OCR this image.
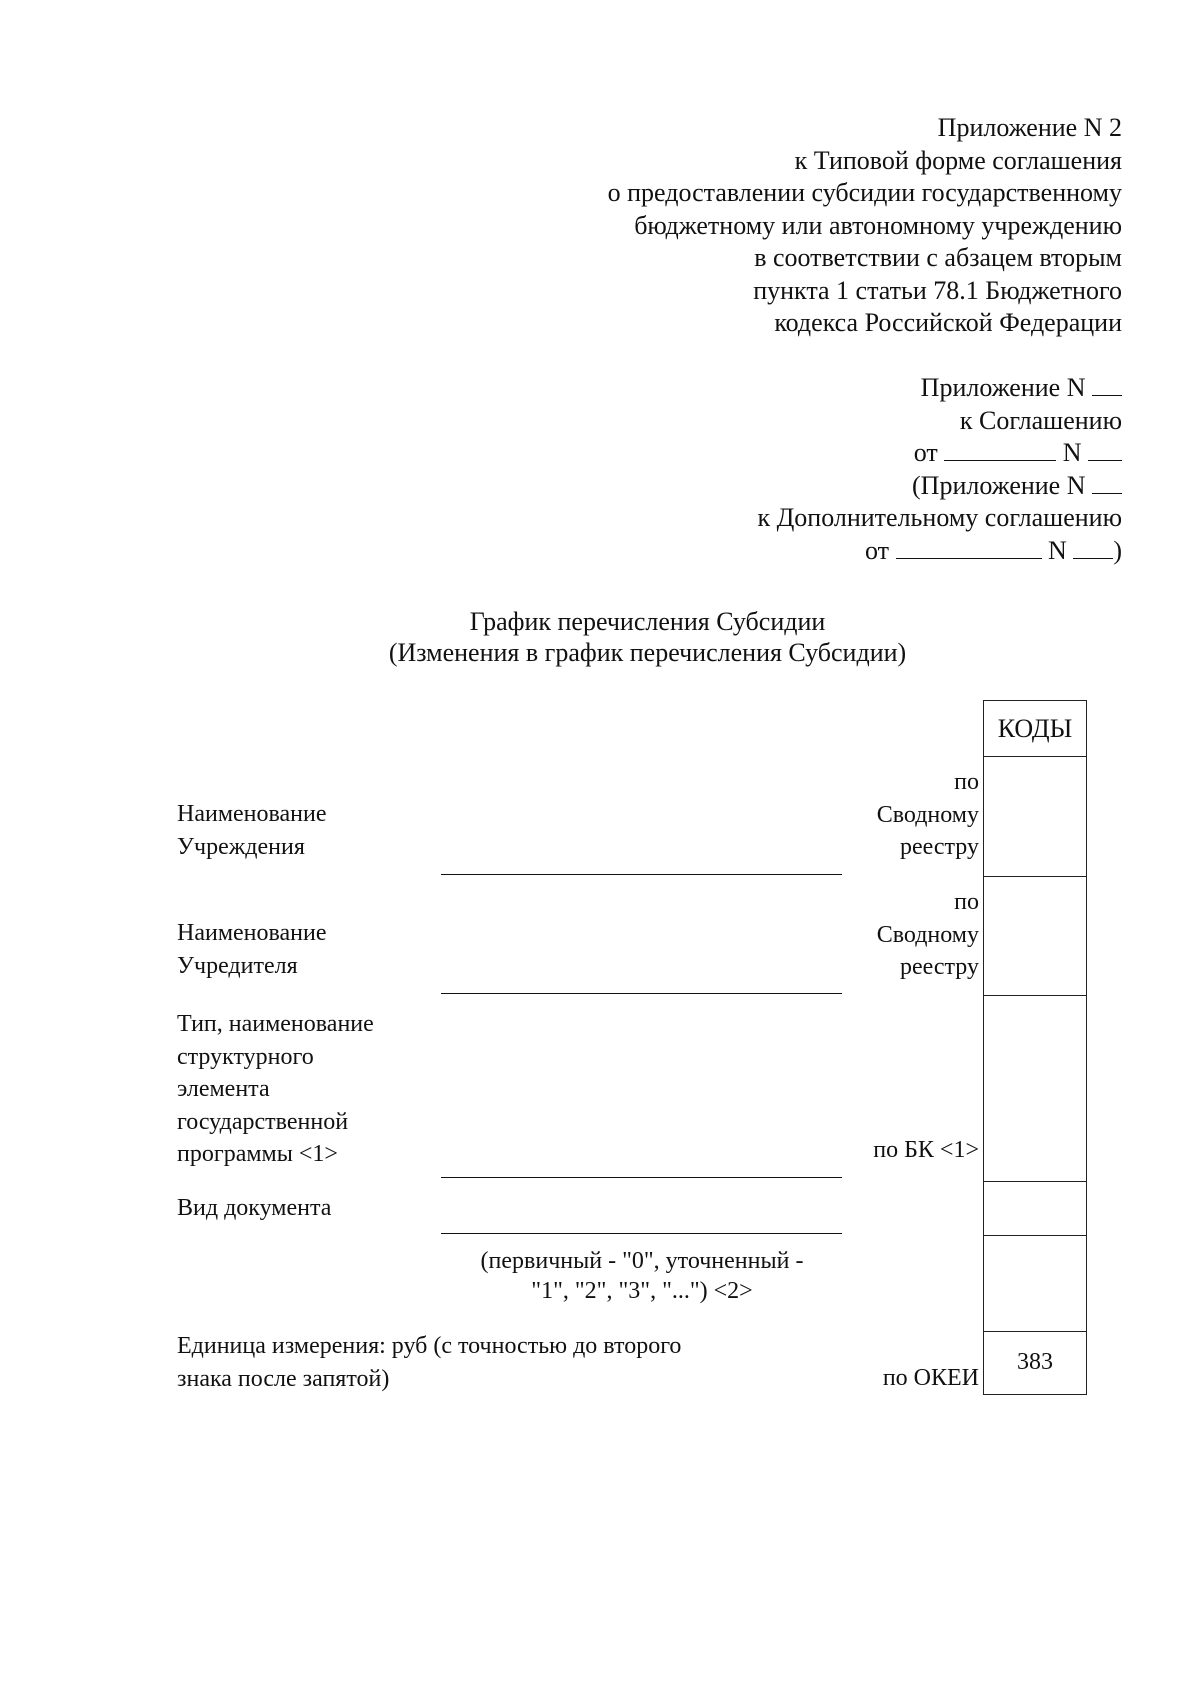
Приложение N 2
к Типовой форме соглашения
о предоставлении субсидии государственному
бюджетному или автономному учреждению
в соответствии с абзацем вторым
пункта 1 статьи 78.1 Бюджетного
кодекса Российской Федерации
Приложение N
к Соглашению
от	N
(Приложение N
к Дополнительному соглашению
от	N )
График перечисления Субсидии
(Изменения в график перечисления Субсидии)
Наименование
Учреждения
Наименование
Учредителя
Тип, наименование
структурного
элемента
государственной
программы <1>
Вид документа
(первичный - "0", уточненный -
"1", "2", "3", "...") <2>
Единица измерения: руб (с точностью до второго
знака после запятой)
по
Сводному
реестру
по
Сводному
реестру
по БК <1>
по ОКЕИ
КОДЫ
383
